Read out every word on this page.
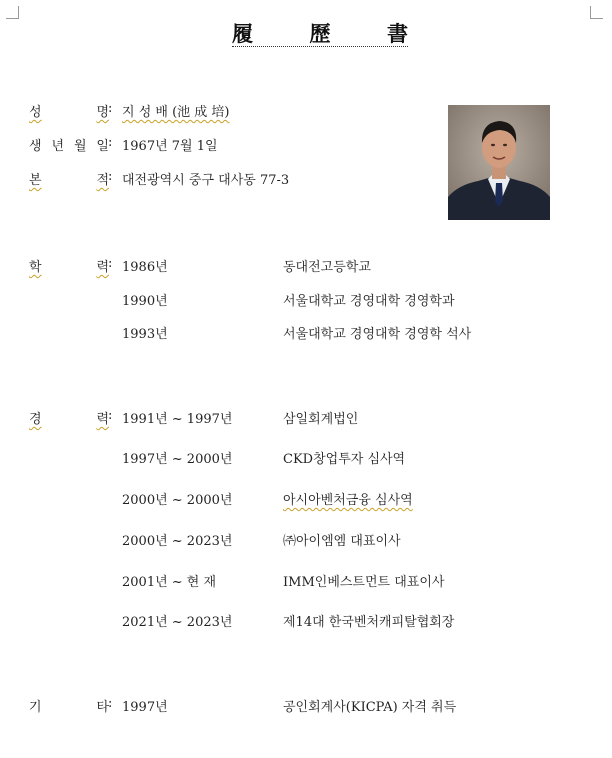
履	歷	書
성	명 : 지 성 배 (池 成 培)
생 년 월 일 : 1967년 7월 1일
본	적 : 대전광역시 중구 대사동 77-3
학	력 : 1986년	동대전고등학교
1990년	서울대학교 경영대학 경영학과
1993년	서울대학교 경영대학 경영학 석사
경	력 : 1991년 ~ 1997년	삼일회계법인
1997년 ~ 2000년	CKD창업투자 심사역
2000년 ~ 2000년	아시아벤처금융 심사역
2000년 ~ 2023년	㈜아이엠엠 대표이사
2001년 ~ 현 재	IMM인베스트먼트 대표이사
2021년 ~ 2023년	제14대 한국벤처캐피탈협회장
기	타 : 1997년	공인회계사(KICPA) 자격 취득
